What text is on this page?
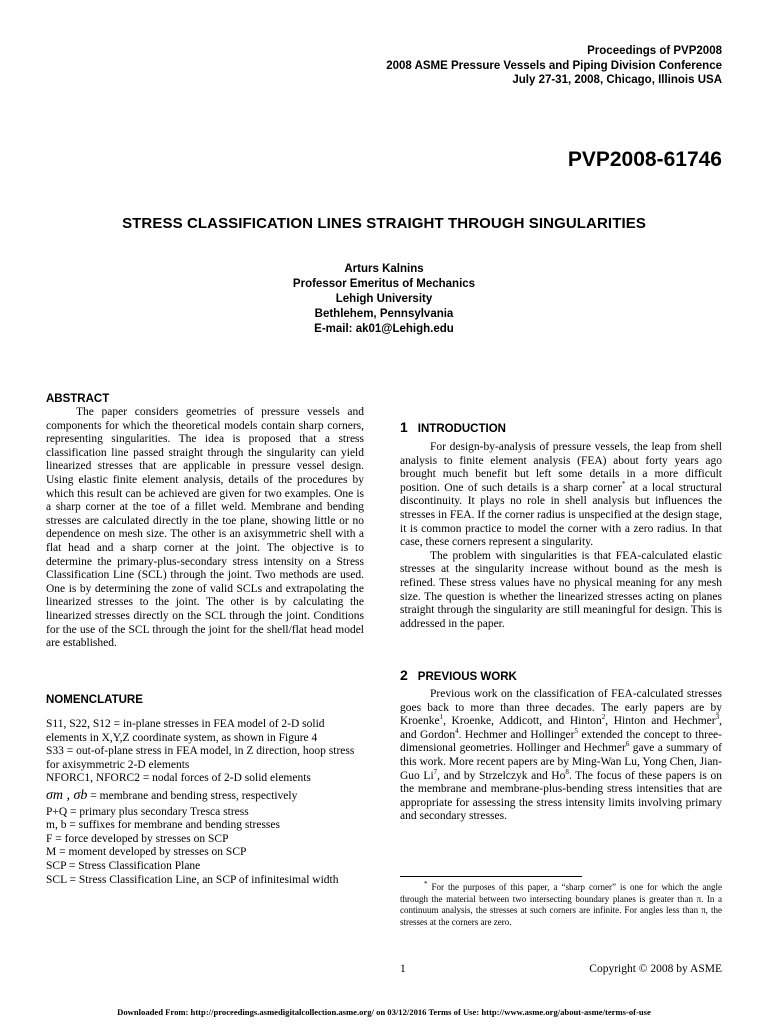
Proceedings of PVP2008
2008 ASME Pressure Vessels and Piping Division Conference
July 27-31, 2008, Chicago, Illinois USA
PVP2008-61746
STRESS CLASSIFICATION LINES STRAIGHT THROUGH SINGULARITIES
Arturs Kalnins
Professor Emeritus of Mechanics
Lehigh University
Bethlehem, Pennsylvania
E-mail: ak01@Lehigh.edu
ABSTRACT

The paper considers geometries of pressure vessels and components for which the theoretical models contain sharp corners, representing singularities. The idea is proposed that a stress classification line passed straight through the singularity can yield linearized stresses that are applicable in pressure vessel design. Using elastic finite element analysis, details of the procedures by which this result can be achieved are given for two examples. One is a sharp corner at the toe of a fillet weld. Membrane and bending stresses are calculated directly in the toe plane, showing little or no dependence on mesh size. The other is an axisymmetric shell with a flat head and a sharp corner at the joint. The objective is to determine the primary-plus-secondary stress intensity on a Stress Classification Line (SCL) through the joint. Two methods are used. One is by determining the zone of valid SCLs and extrapolating the linearized stresses to the joint. The other is by calculating the linearized stresses directly on the SCL through the joint. Conditions for the use of the SCL through the joint for the shell/flat head model are established.

NOMENCLATURE
S11, S22, S12 = in-plane stresses in FEA model of 2-D solid elements in X,Y,Z coordinate system, as shown in Figure 4
S33 = out-of-plane stress in FEA model, in Z direction, hoop stress for axisymmetric 2-D elements
NFORC1, NFORC2 = nodal forces of 2-D solid elements
σm , σb = membrane and bending stress, respectively
P+Q = primary plus secondary Tresca stress
m, b = suffixes for membrane and bending stresses
F = force developed by stresses on SCP
M = moment developed by stresses on SCP
SCP = Stress Classification Plane
SCL = Stress Classification Line, an SCP of infinitesimal width
1 INTRODUCTION

For design-by-analysis of pressure vessels, the leap from shell analysis to finite element analysis (FEA) about forty years ago brought much benefit but left some details in a more difficult position. One of such details is a sharp corner* at a local structural discontinuity. It plays no role in shell analysis but influences the stresses in FEA. If the corner radius is unspecified at the design stage, it is common practice to model the corner with a zero radius. In that case, these corners represent a singularity.

The problem with singularities is that FEA-calculated elastic stresses at the singularity increase without bound as the mesh is refined. These stress values have no physical meaning for any mesh size. The question is whether the linearized stresses acting on planes straight through the singularity are still meaningful for design. This is addressed in the paper.

2 PREVIOUS WORK

Previous work on the classification of FEA-calculated stresses goes back to more than three decades. The early papers are by Kroenke$^1$, Kroenke, Addicott, and Hinton$^2$, Hinton and Hechmer$^3$, and Gordon$^4$. Hechmer and Hollinger$^5$ extended the concept to three-dimensional geometries. Hollinger and Hechmer$^6$ gave a summary of this work. More recent papers are by Ming-Wan Lu, Yong Chen, Jian-Guo Li$^7$, and by Strzelczyk and Ho$^8$. The focus of these papers is on the membrane and membrane-plus-bending stress intensities that are appropriate for assessing the stress intensity limits involving primary and secondary stresses.

* For the purposes of this paper, a “sharp corner” is one for which the angle through the material between two intersecting boundary planes is greater than π. In a continuum analysis, the stresses at such corners are infinite. For angles less than π, the stresses at the corners are zero.
1	Copyright © 2008 by ASME
Downloaded From: http://proceedings.asmedigitalcollection.asme.org/ on 03/12/2016 Terms of Use: http://www.asme.org/about-asme/terms-of-use
